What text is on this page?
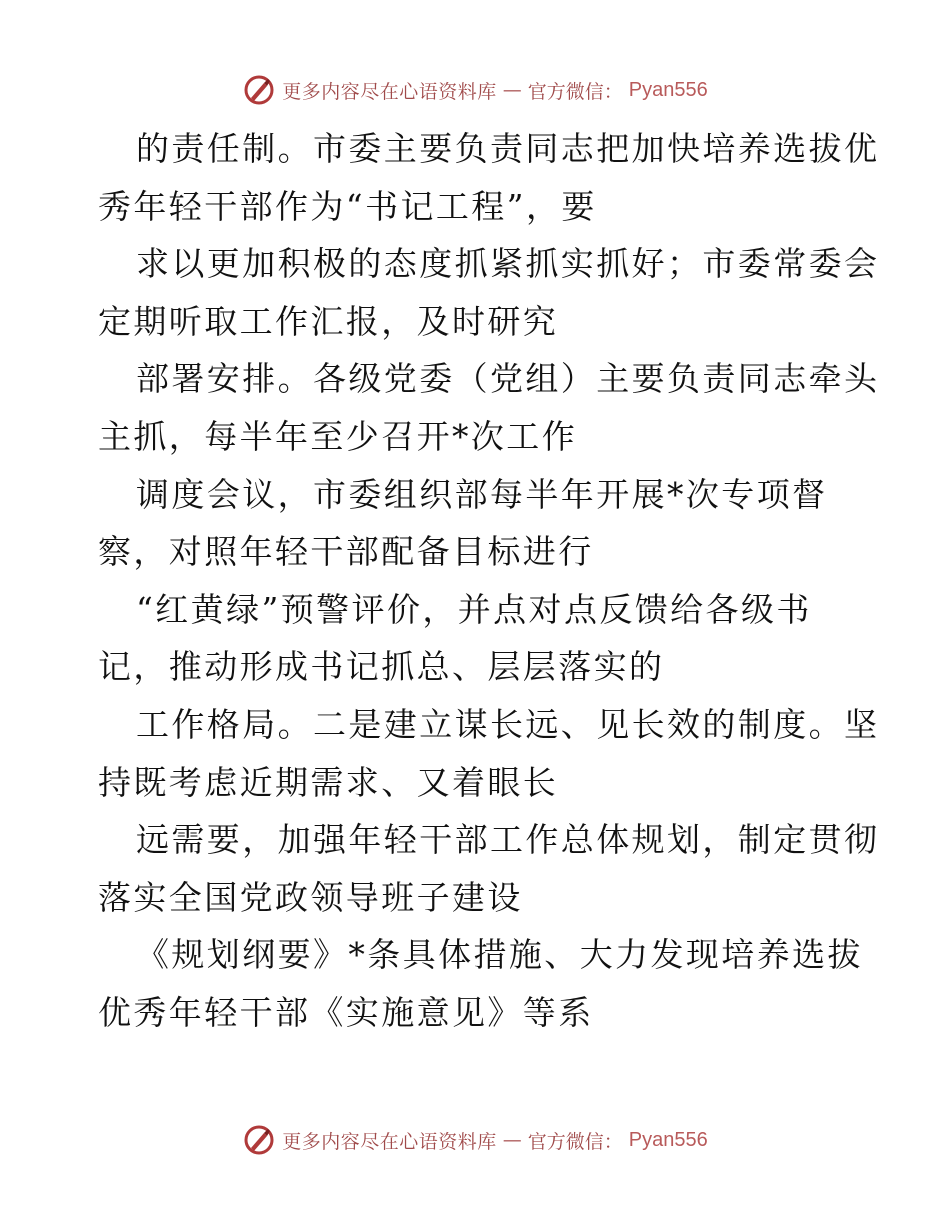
更多内容尽在心语资料库 — 官方微信： Pyan556
的责任制。市委主要负责同志把加快培养选拔优
秀年轻干部作为“书记工程”，要
求以更加积极的态度抓紧抓实抓好；市委常委会
定期听取工作汇报，及时研究
部署安排。各级党委（党组）主要负责同志牵头
主抓，每半年至少召开*次工作
调度会议，市委组织部每半年开展*次专项督
察，对照年轻干部配备目标进行
“红黄绿”预警评价，并点对点反馈给各级书
记，推动形成书记抓总、层层落实的
工作格局。二是建立谋长远、见长效的制度。坚
持既考虑近期需求、又着眼长
远需要，加强年轻干部工作总体规划，制定贯彻
落实全国党政领导班子建设
《规划纲要》*条具体措施、大力发现培养选拔
优秀年轻干部《实施意见》等系
更多内容尽在心语资料库 — 官方微信： Pyan556
